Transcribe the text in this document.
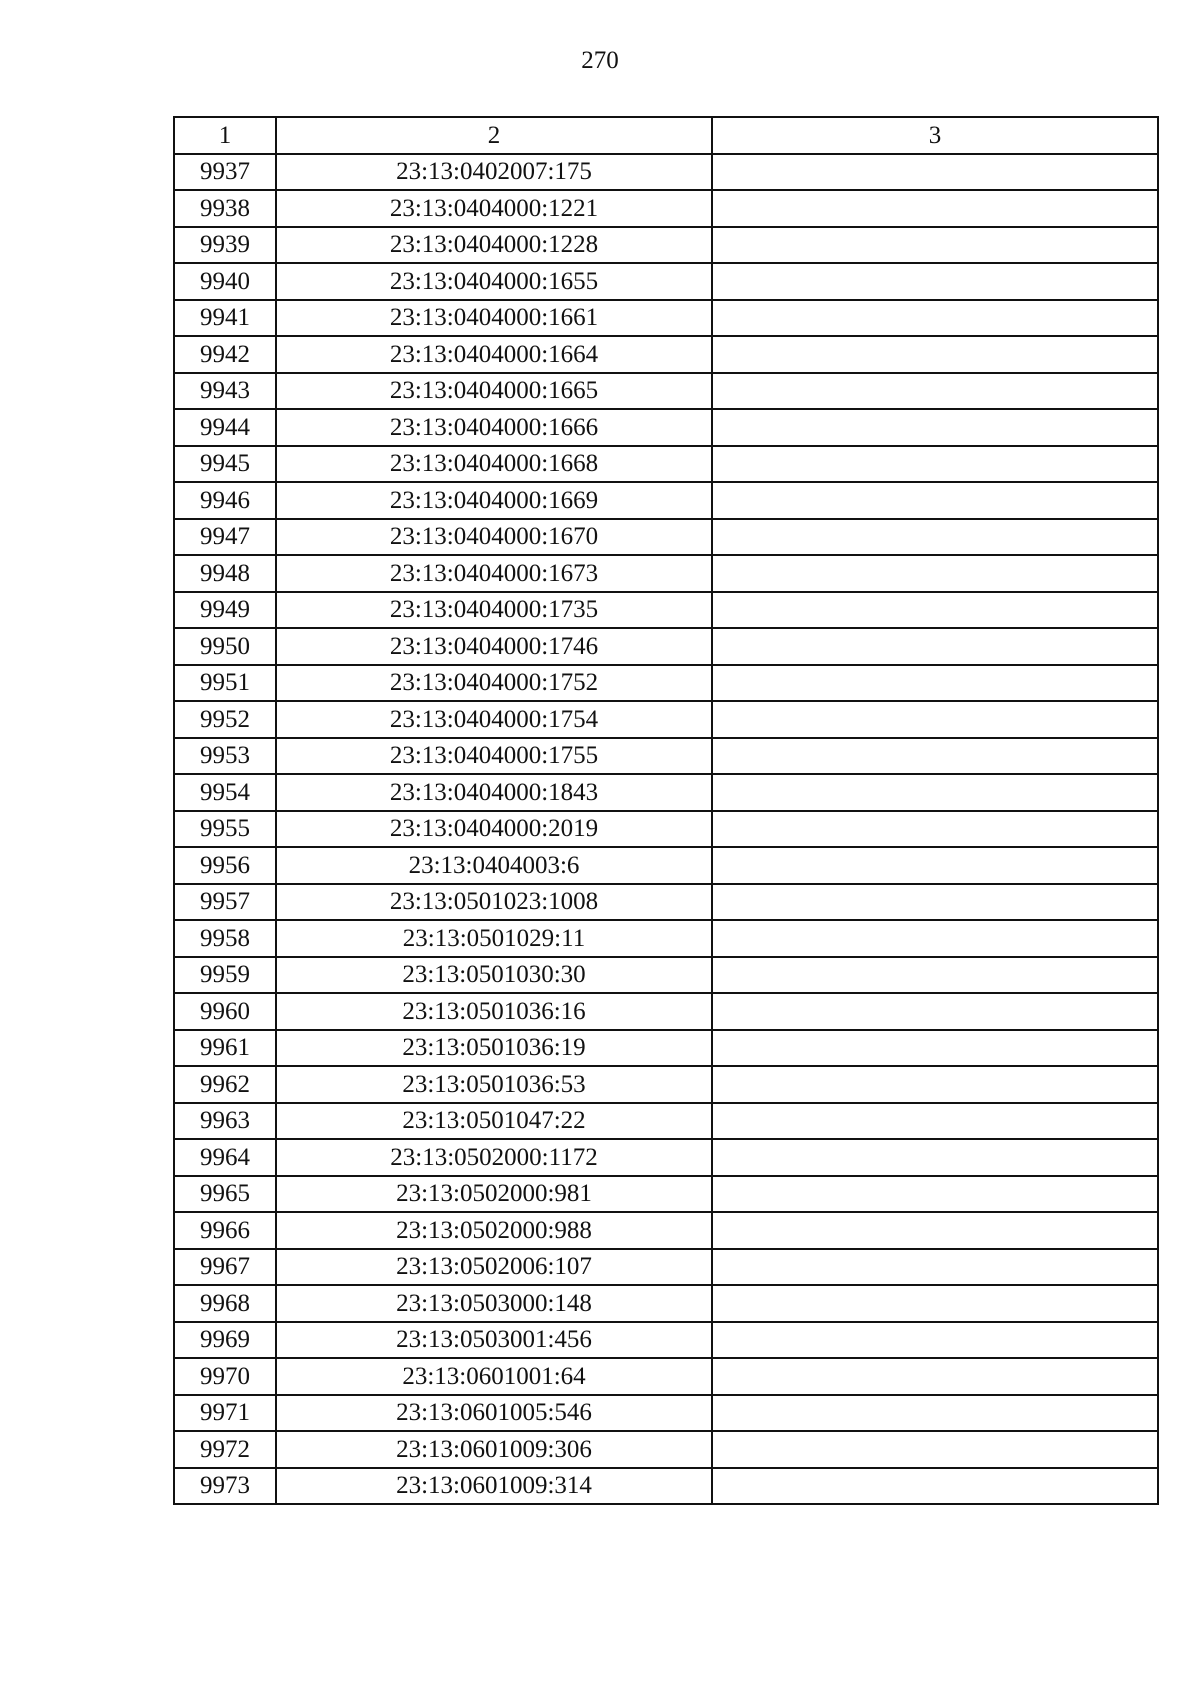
270
1	2	3
9937	23:13:0402007:175	
9938	23:13:0404000:1221	
9939	23:13:0404000:1228	
9940	23:13:0404000:1655	
9941	23:13:0404000:1661	
9942	23:13:0404000:1664	
9943	23:13:0404000:1665	
9944	23:13:0404000:1666	
9945	23:13:0404000:1668	
9946	23:13:0404000:1669	
9947	23:13:0404000:1670	
9948	23:13:0404000:1673	
9949	23:13:0404000:1735	
9950	23:13:0404000:1746	
9951	23:13:0404000:1752	
9952	23:13:0404000:1754	
9953	23:13:0404000:1755	
9954	23:13:0404000:1843	
9955	23:13:0404000:2019	
9956	23:13:0404003:6	
9957	23:13:0501023:1008	
9958	23:13:0501029:11	
9959	23:13:0501030:30	
9960	23:13:0501036:16	
9961	23:13:0501036:19	
9962	23:13:0501036:53	
9963	23:13:0501047:22	
9964	23:13:0502000:1172	
9965	23:13:0502000:981	
9966	23:13:0502000:988	
9967	23:13:0502006:107	
9968	23:13:0503000:148	
9969	23:13:0503001:456	
9970	23:13:0601001:64	
9971	23:13:0601005:546	
9972	23:13:0601009:306	
9973	23:13:0601009:314	
